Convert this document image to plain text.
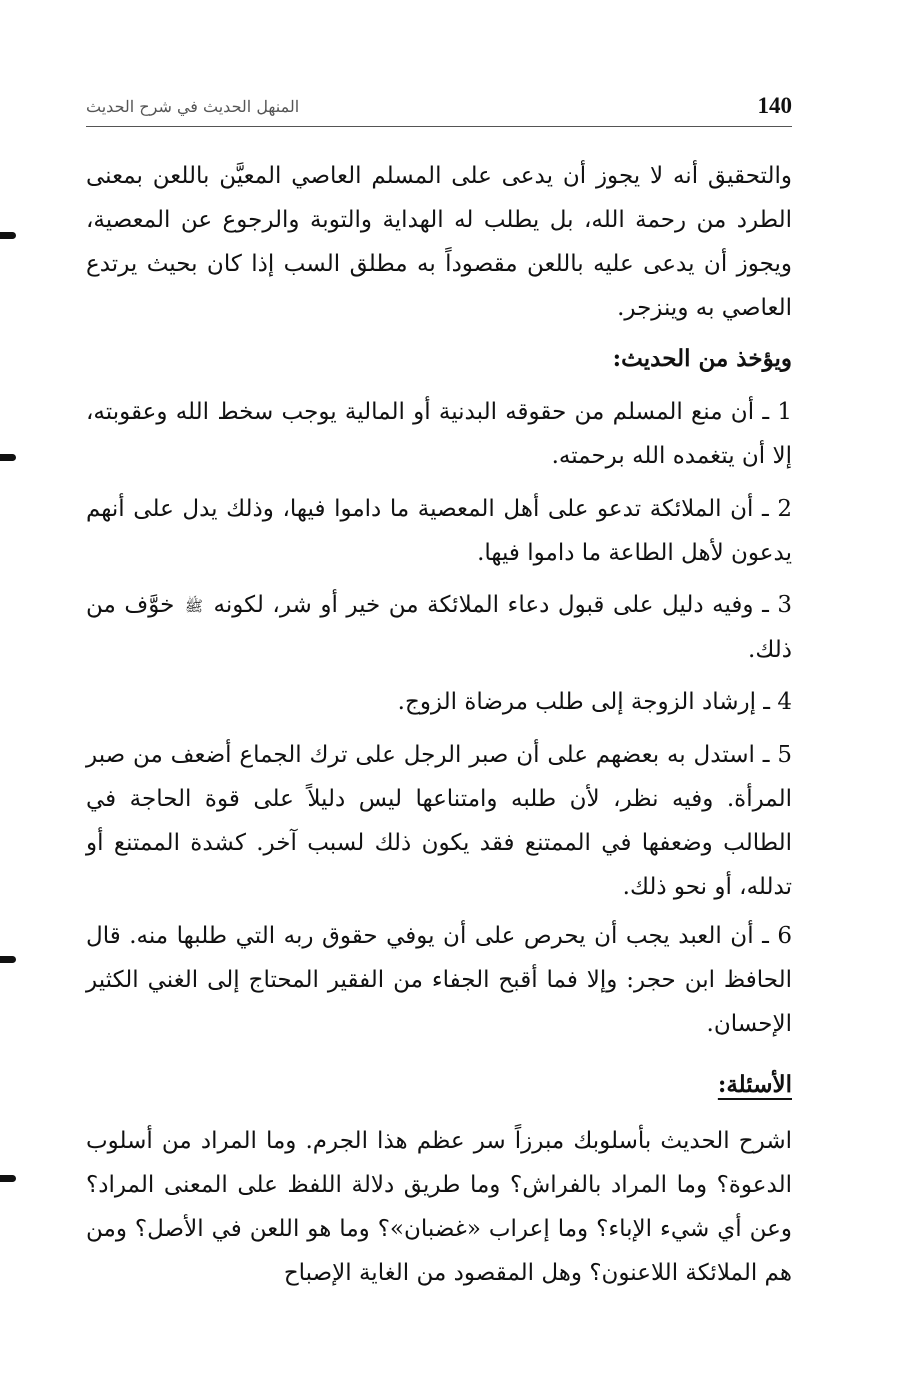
140
المنهل الحديث في شرح الحديث

والتحقيق أنه لا يجوز أن يدعى على المسلم العاصي المعيَّن باللعن بمعنى الطرد من رحمة الله، بل يطلب له الهداية والتوبة والرجوع عن المعصية، ويجوز أن يدعى عليه باللعن مقصوداً به مطلق السب إذا كان بحيث يرتدع العاصي به وينزجر.

ويؤخذ من الحديث:

1 ـ أن منع المسلم من حقوقه البدنية أو المالية يوجب سخط الله وعقوبته، إلا أن يتغمده الله برحمته.

2 ـ أن الملائكة تدعو على أهل المعصية ما داموا فيها، وذلك يدل على أنهم يدعون لأهل الطاعة ما داموا فيها.

3 ـ وفيه دليل على قبول دعاء الملائكة من خير أو شر، لكونه ﷺ خوَّف من ذلك.

4 ـ إرشاد الزوجة إلى طلب مرضاة الزوج.

5 ـ استدل به بعضهم على أن صبر الرجل على ترك الجماع أضعف من صبر المرأة. وفيه نظر، لأن طلبه وامتناعها ليس دليلاً على قوة الحاجة في الطالب وضعفها في الممتنع فقد يكون ذلك لسبب آخر. كشدة الممتنع أو تدلله، أو نحو ذلك.

6 ـ أن العبد يجب أن يحرص على أن يوفي حقوق ربه التي طلبها منه. قال الحافظ ابن حجر: وإلا فما أقبح الجفاء من الفقير المحتاج إلى الغني الكثير الإحسان.

الأسئلة:

اشرح الحديث بأسلوبك مبرزاً سر عظم هذا الجرم. وما المراد من أسلوب الدعوة؟ وما المراد بالفراش؟ وما طريق دلالة اللفظ على المعنى المراد؟ وعن أي شيء الإباء؟ وما إعراب «غضبان»؟ وما هو اللعن في الأصل؟ ومن هم الملائكة اللاعنون؟ وهل المقصود من الغاية الإصباح
